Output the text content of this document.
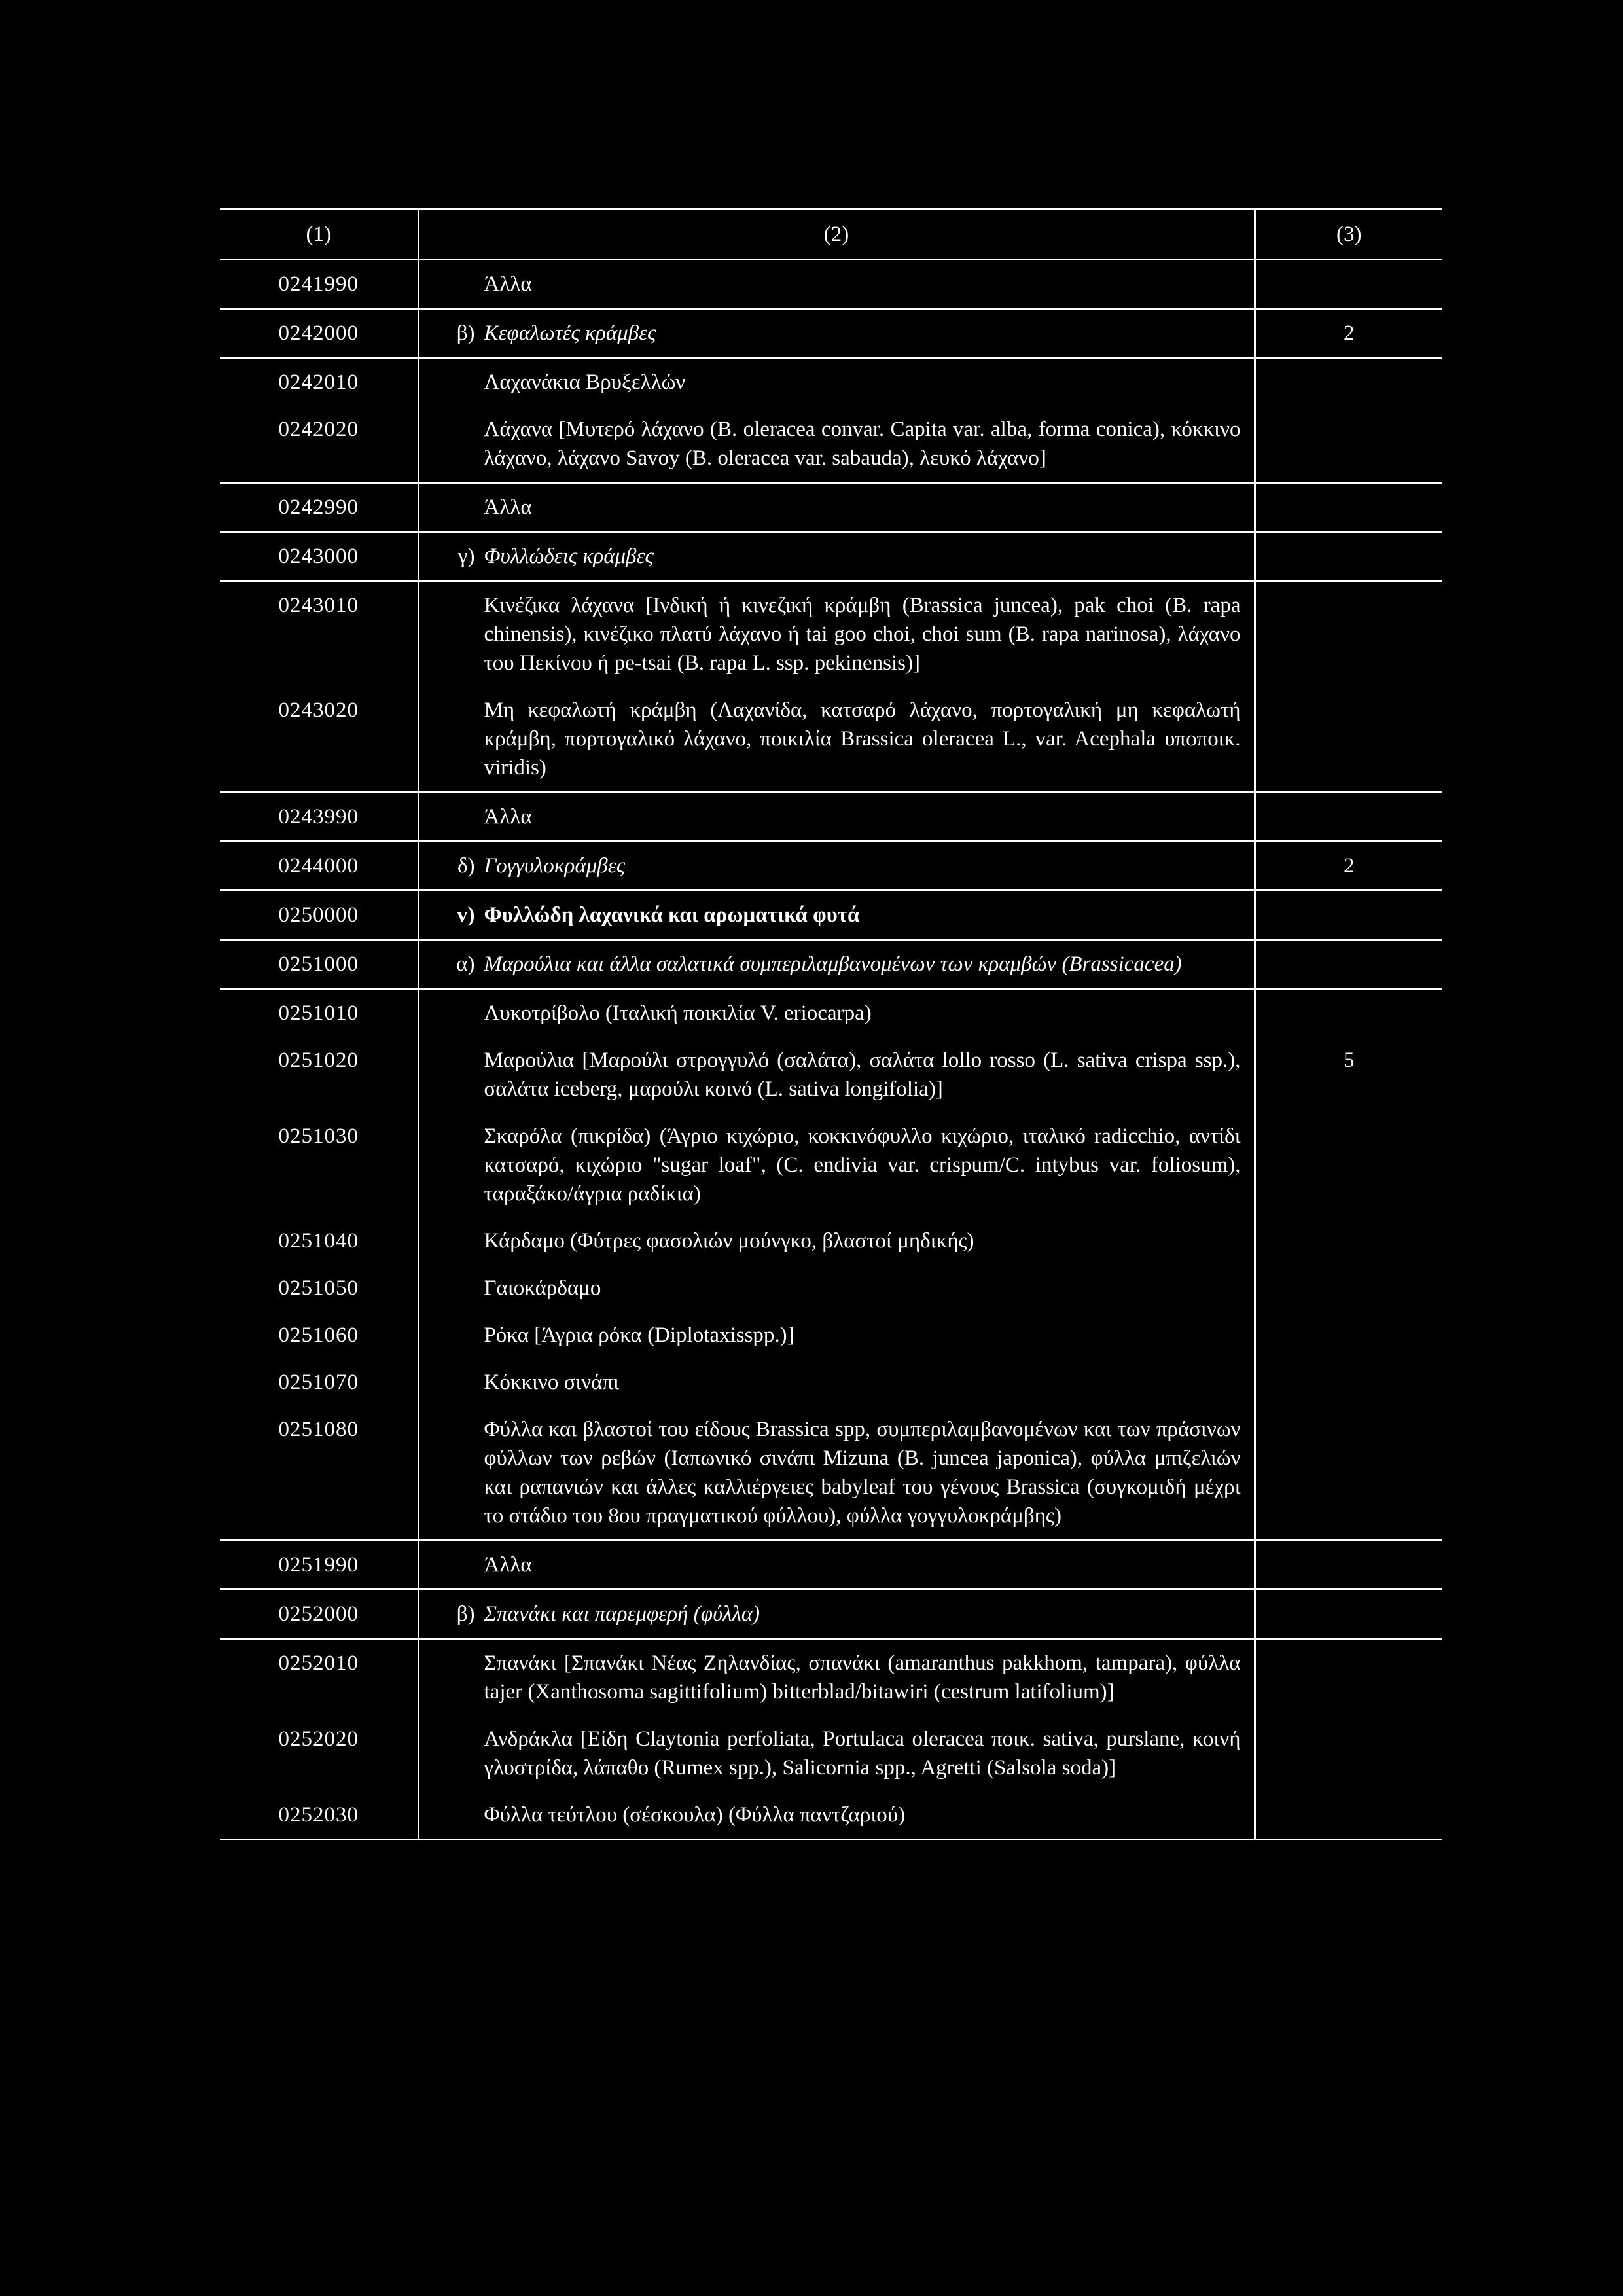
(1)	(2)	(3)
0241990	Άλλα	

0242000	β) Κεφαλωτές κράμβες	2
0242010	Λαχανάκια Βρυξελλών	

0242020	Λάχανα [Μυτερό λάχανο (B. oleracea convar. Capita var. alba, forma conica), κόκκινο λάχανο, λάχανο Savoy (B. oleracea var. sabauda), λευκό λάχανο]	

0242990	Άλλα	

0243000	γ) Φυλλώδεις κράμβες	

0243010	Κινέζικα λάχανα [Ινδική ή κινεζική κράμβη (Brassica juncea), pak choi (B. rapa chinensis), κινέζικο πλατύ λάχανο ή tai goo choi, choi sum (B. rapa narinosa), λάχανο του Πεκίνου ή pe-tsai (B. rapa L. ssp. pekinensis)]	

0243020	Μη κεφαλωτή κράμβη (Λαχανίδα, κατσαρό λάχανο, πορτογαλική μη κεφαλωτή κράμβη, πορτογαλικό λάχανο, ποικιλία Brassica oleracea L., var. Acephala υποποικ. viridis)	

0243990	Άλλα	

0244000	δ) Γογγυλοκράμβες	2
0250000	v) Φυλλώδη λαχανικά και αρωματικά φυτά	

0251000	α) Μαρούλια και άλλα σαλατικά συμπεριλαμβανομένων των κραμβών (Brassicacea)	

0251010	Λυκοτρίβολο (Ιταλική ποικιλία V. eriocarpa)	

0251020	Μαρούλια [Μαρούλι στρογγυλό (σαλάτα), σαλάτα lollo rosso (L. sativa crispa ssp.), σαλάτα iceberg, μαρούλι κοινό (L. sativa longifolia)]	5
0251030	Σκαρόλα (πικρίδα) (Άγριο κιχώριο, κοκκινόφυλλο κιχώριο, ιταλικό radicchio, αντίδι κατσαρό, κιχώριο "sugar loaf", (C. endivia var. crispum/C. intybus var. foliosum), ταραξάκο/άγρια ραδίκια)	

0251040	Κάρδαμο (Φύτρες φασολιών μούνγκο, βλαστοί μηδικής)	

0251050	Γαιοκάρδαμο	

0251060	Ρόκα [Άγρια ρόκα (Diplotaxisspp.)]	

0251070	Κόκκινο σινάπι	

0251080	Φύλλα και βλαστοί του είδους Brassica spp, συμπεριλαμβανομένων και των πράσινων φύλλων των ρεβών (Ιαπωνικό σινάπι Mizuna (B. juncea japonica), φύλλα μπιζελιών και ραπανιών και άλλες καλλιέργειες babyleaf του γένους Brassica (συγκομιδή μέχρι το στάδιο του 8ου πραγματικού φύλλου), φύλλα γογγυλοκράμβης)	

0251990	Άλλα	

0252000	β) Σπανάκι και παρεμφερή (φύλλα)	

0252010	Σπανάκι [Σπανάκι Νέας Ζηλανδίας, σπανάκι (amaranthus pakkhom, tampara), φύλλα tajer (Xanthosoma sagittifolium) bitterblad/bitawiri (cestrum latifolium)]	

0252020	Ανδράκλα [Είδη Claytonia perfoliata, Portulaca oleracea ποικ. sativa, purslane, κοινή γλυστρίδα, λάπαθο (Rumex spp.), Salicornia spp., Agretti (Salsola soda)]	

0252030	Φύλλα τεύτλου (σέσκουλα) (Φύλλα παντζαριού)	
